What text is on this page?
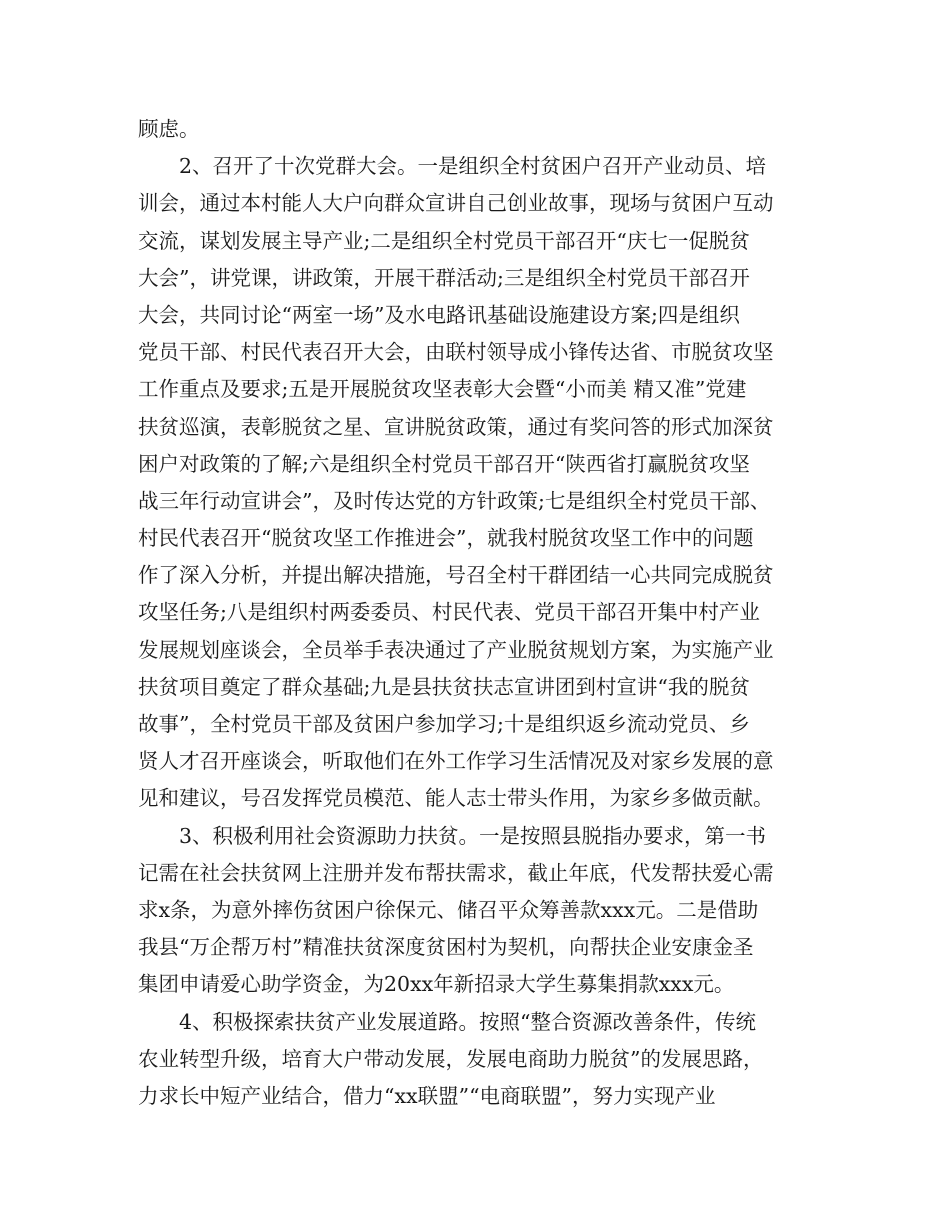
顾虑。
2、召开了十次党群大会。一是组织全村贫困户召开产业动员、培
训会，通过本村能人大户向群众宣讲自己创业故事，现场与贫困户互动
交流，谋划发展主导产业;二是组织全村党员干部召开“庆七一促脱贫
大会”，讲党课，讲政策，开展干群活动;三是组织全村党员干部召开
大会，共同讨论“两室一场”及水电路讯基础设施建设方案;四是组织
党员干部、村民代表召开大会，由联村领导成小锋传达省、市脱贫攻坚
工作重点及要求;五是开展脱贫攻坚表彰大会暨“小而美 精又准”党建
扶贫巡演，表彰脱贫之星、宣讲脱贫政策，通过有奖问答的形式加深贫
困户对政策的了解;六是组织全村党员干部召开“陕西省打赢脱贫攻坚
战三年行动宣讲会”，及时传达党的方针政策;七是组织全村党员干部、
村民代表召开“脱贫攻坚工作推进会”，就我村脱贫攻坚工作中的问题
作了深入分析，并提出解决措施，号召全村干群团结一心共同完成脱贫
攻坚任务;八是组织村两委委员、村民代表、党员干部召开集中村产业
发展规划座谈会，全员举手表决通过了产业脱贫规划方案，为实施产业
扶贫项目奠定了群众基础;九是县扶贫扶志宣讲团到村宣讲“我的脱贫
故事”，全村党员干部及贫困户参加学习;十是组织返乡流动党员、乡
贤人才召开座谈会，听取他们在外工作学习生活情况及对家乡发展的意
见和建议，号召发挥党员模范、能人志士带头作用，为家乡多做贡献。
3、积极利用社会资源助力扶贫。一是按照县脱指办要求，第一书
记需在社会扶贫网上注册并发布帮扶需求，截止年底，代发帮扶爱心需
求x条，为意外摔伤贫困户徐保元、储召平众筹善款xxx元。二是借助
我县“万企帮万村”精准扶贫深度贫困村为契机，向帮扶企业安康金圣
集团申请爱心助学资金，为20xx年新招录大学生募集捐款xxx元。
4、积极探索扶贫产业发展道路。按照“整合资源改善条件，传统
农业转型升级，培育大户带动发展，发展电商助力脱贫”的发展思路，
力求长中短产业结合，借力“xx联盟”“电商联盟”，努力实现产业
